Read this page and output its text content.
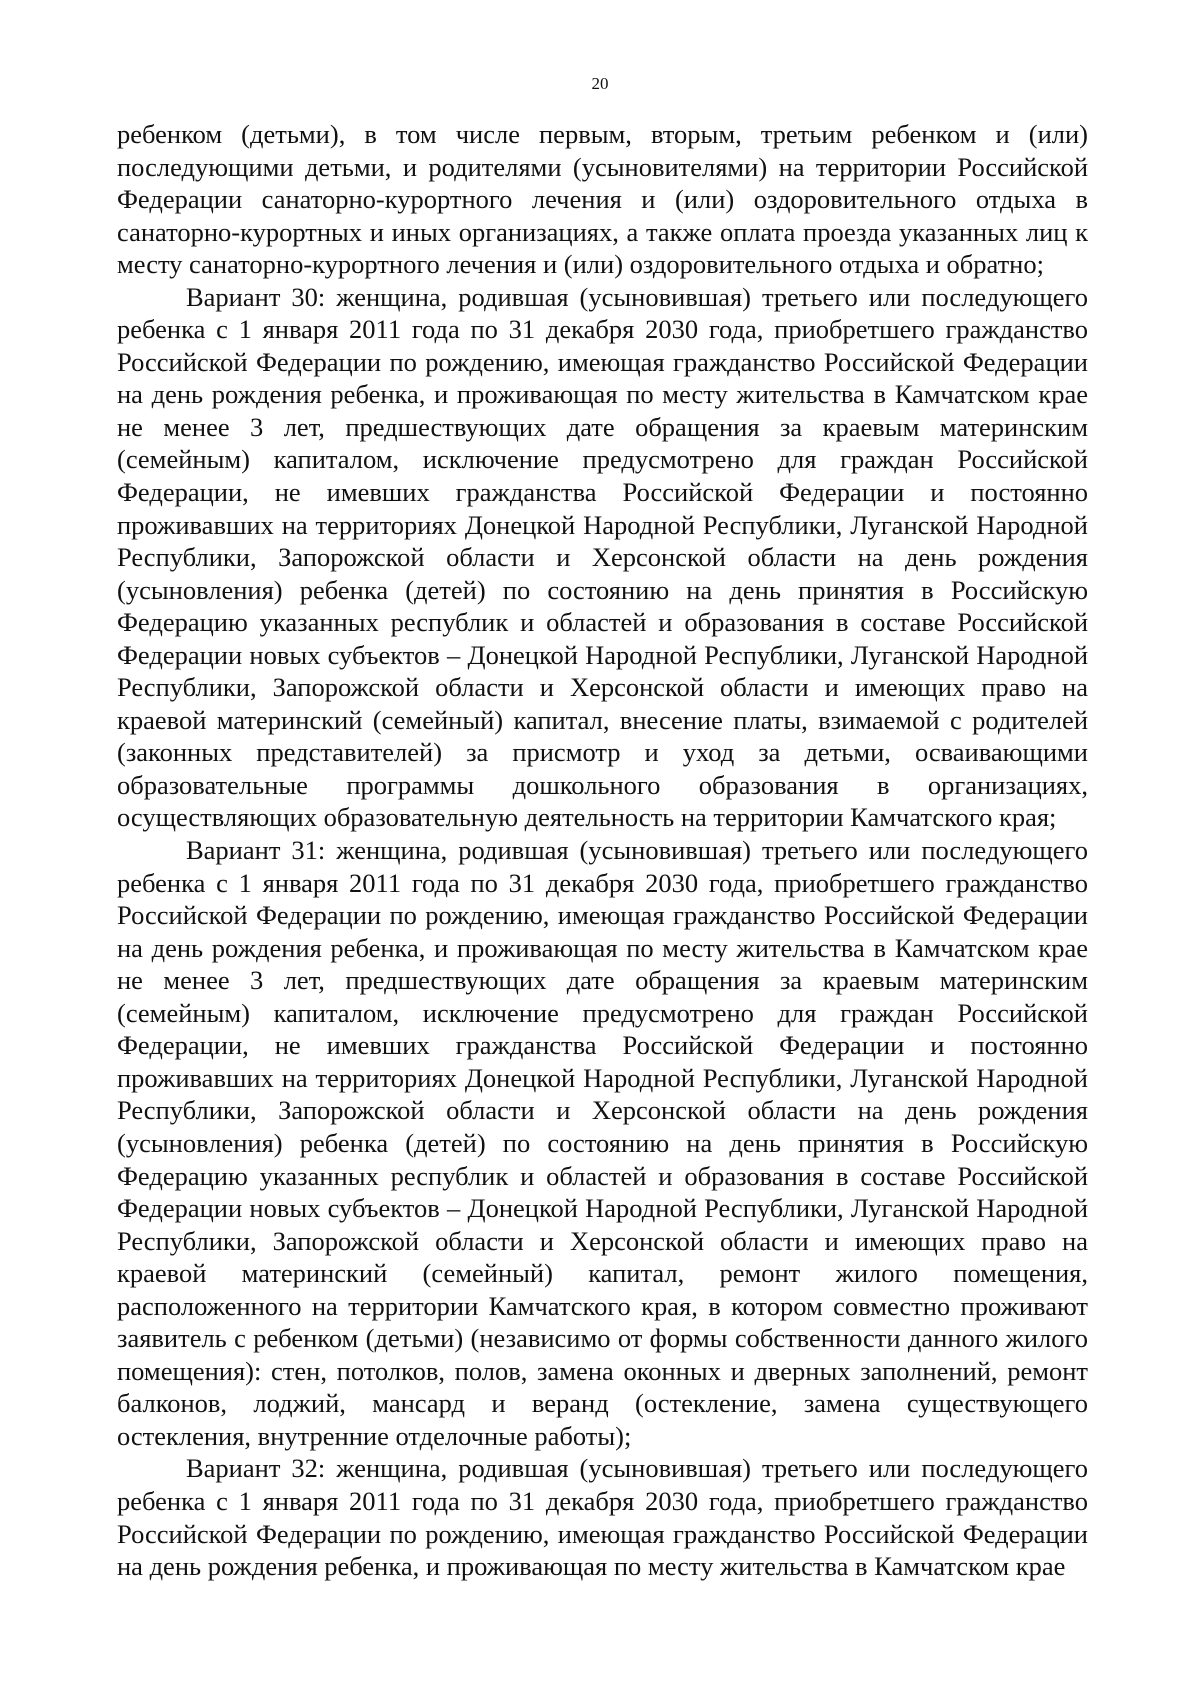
20

ребенком (детьми), в том числе первым, вторым, третьим ребенком и (или) последующими детьми, и родителями (усыновителями) на территории Российской Федерации санаторно-курортного лечения и (или) оздоровительного отдыха в санаторно-курортных и иных организациях, а также оплата проезда указанных лиц к месту санаторно-курортного лечения и (или) оздоровительного отдыха и обратно;

Вариант 30: женщина, родившая (усыновившая) третьего или последующего ребенка с 1 января 2011 года по 31 декабря 2030 года, приобретшего гражданство Российской Федерации по рождению, имеющая гражданство Российской Федерации на день рождения ребенка, и проживающая по месту жительства в Камчатском крае не менее 3 лет, предшествующих дате обращения за краевым материнским (семейным) капиталом, исключение предусмотрено для граждан Российской Федерации, не имевших гражданства Российской Федерации и постоянно проживавших на территориях Донецкой Народной Республики, Луганской Народной Республики, Запорожской области и Херсонской области на день рождения (усыновления) ребенка (детей) по состоянию на день принятия в Российскую Федерацию указанных республик и областей и образования в составе Российской Федерации новых субъектов – Донецкой Народной Республики, Луганской Народной Республики, Запорожской области и Херсонской области и имеющих право на краевой материнский (семейный) капитал, внесение платы, взимаемой с родителей (законных представителей) за присмотр и уход за детьми, осваивающими образовательные программы дошкольного образования в организациях, осуществляющих образовательную деятельность на территории Камчатского края;

Вариант 31: женщина, родившая (усыновившая) третьего или последующего ребенка с 1 января 2011 года по 31 декабря 2030 года, приобретшего гражданство Российской Федерации по рождению, имеющая гражданство Российской Федерации на день рождения ребенка, и проживающая по месту жительства в Камчатском крае не менее 3 лет, предшествующих дате обращения за краевым материнским (семейным) капиталом, исключение предусмотрено для граждан Российской Федерации, не имевших гражданства Российской Федерации и постоянно проживавших на территориях Донецкой Народной Республики, Луганской Народной Республики, Запорожской области и Херсонской области на день рождения (усыновления) ребенка (детей) по состоянию на день принятия в Российскую Федерацию указанных республик и областей и образования в составе Российской Федерации новых субъектов – Донецкой Народной Республики, Луганской Народной Республики, Запорожской области и Херсонской области и имеющих право на краевой материнский (семейный) капитал, ремонт жилого помещения, расположенного на территории Камчатского края, в котором совместно проживают заявитель с ребенком (детьми) (независимо от формы собственности данного жилого помещения): стен, потолков, полов, замена оконных и дверных заполнений, ремонт балконов, лоджий, мансард и веранд (остекление, замена существующего остекления, внутренние отделочные работы);

Вариант 32: женщина, родившая (усыновившая) третьего или последующего ребенка с 1 января 2011 года по 31 декабря 2030 года, приобретшего гражданство Российской Федерации по рождению, имеющая гражданство Российской Федерации на день рождения ребенка, и проживающая по месту жительства в Камчатском крае
